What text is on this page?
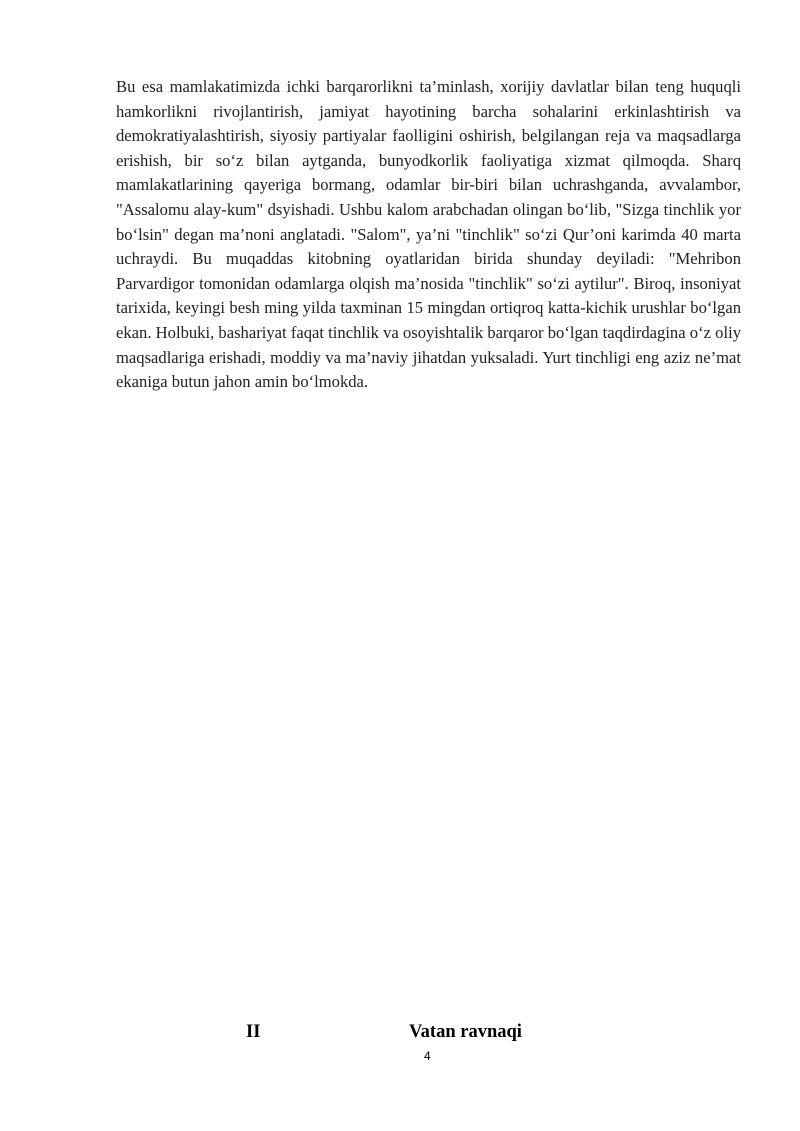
Bu esa mamlakatimizda ichki barqarorlikni ta’minlash, xorijiy davlatlar bilan teng huquqli hamkorlikni rivojlantirish, jamiyat hayotining barcha sohalarini erkinlashtirish va demokratiyalashtirish, siyosiy partiyalar faolligini oshirish, belgilangan reja va maqsadlarga erishish, bir so‘z bilan aytganda, bunyodkorlik faoliyatiga xizmat qilmoqda. Sharq mamlakatlarining qayeriga bormang, odamlar bir-biri bilan uchrashganda, avvalambor, "Assalomu alay-kum" dsyishadi. Ushbu kalom arabchadan olingan bo‘lib, "Sizga tinchlik yor bo‘lsin" degan ma’noni anglatadi. "Salom", ya’ni "tinchlik" so‘zi Qur’oni karimda 40 marta uchraydi. Bu muqaddas kitobning oyatlaridan birida shunday deyiladi: "Mehribon Parvardigor tomonidan odamlarga olqish ma’nosida "tinchlik" so‘zi aytilur". Biroq, insoniyat tarixida, keyingi besh ming yilda taxminan 15 mingdan ortiqroq katta-kichik urushlar bo‘lgan ekan. Holbuki, bashariyat faqat tinchlik va osoyishtalik barqaror bo‘lgan taqdirdagina o‘z oliy maqsadlariga erishadi, moddiy va ma’naviy jihatdan yuksaladi. Yurt tinchligi eng aziz ne’mat ekaniga butun jahon amin bo‘lmokda.

II	Vatan ravnaqi
4
